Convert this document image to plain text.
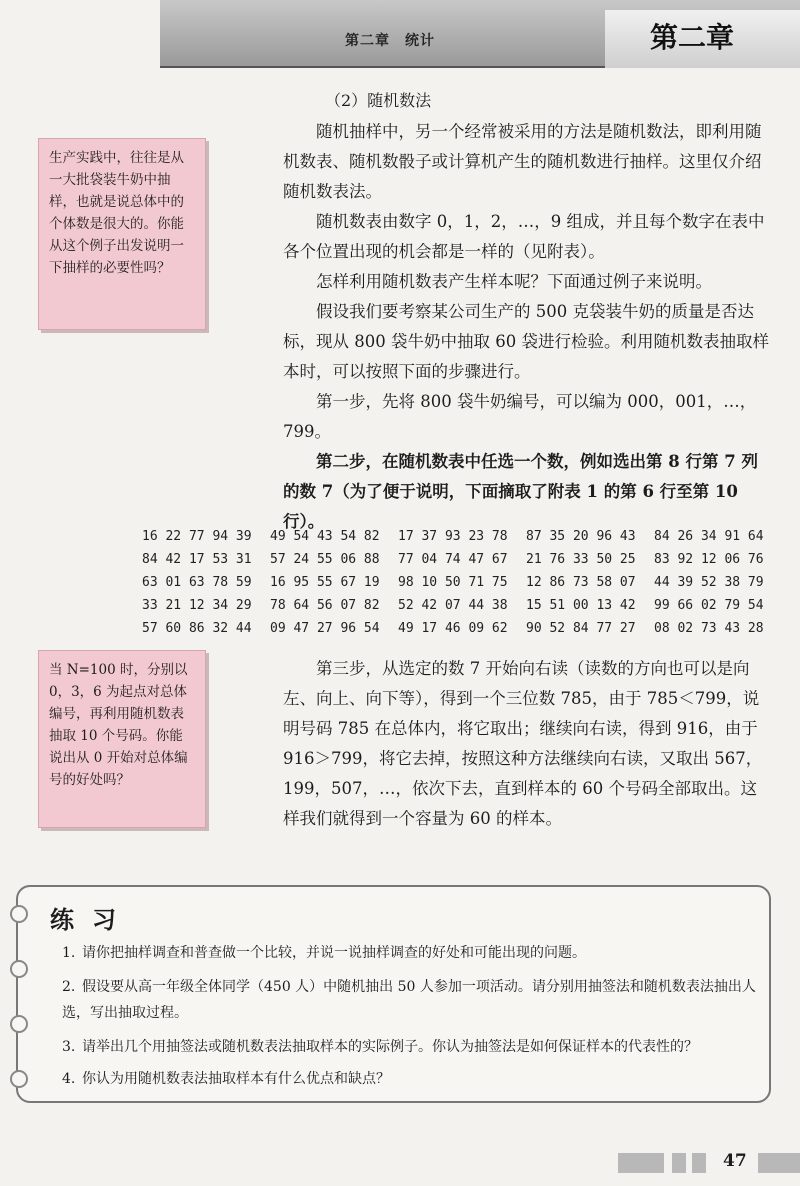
第二章　统计	第二章
（2）随机数法

随机抽样中，另一个经常被采用的方法是随机数法，即利用随机数表、随机数骰子或计算机产生的随机数进行抽样。这里仅介绍随机数表法。

随机数表由数字 0，1，2，…，9 组成，并且每个数字在表中各个位置出现的机会都是一样的（见附表）。

怎样利用随机数表产生样本呢？下面通过例子来说明。

假设我们要考察某公司生产的 500 克袋装牛奶的质量是否达标，现从 800 袋牛奶中抽取 60 袋进行检验。利用随机数表抽取样本时，可以按照下面的步骤进行。

第一步，先将 800 袋牛奶编号，可以编为 000，001，…，799。

第二步，在随机数表中任选一个数，例如选出第 8 行第 7 列的数 7（为了便于说明，下面摘取了附表 1 的第 6 行至第 10 行）。

生产实践中，往往是从一大批袋装牛奶中抽样，也就是说总体中的个体数是很大的。你能从这个例子出发说明一下抽样的必要性吗？

16 22 77 94 39	49 54 43 54 82	17 37 93 23 78	87 35 20 96 43	84 26 34 91 64
84 42 17 53 31	57 24 55 06 88	77 04 74 47 67	21 76 33 50 25	83 92 12 06 76
63 01 63 78 59	16 95 55 67 19	98 10 50 71 75	12 86 73 58 07	44 39 52 38 79
33 21 12 34 29	78 64 56 07 82	52 42 07 44 38	15 51 00 13 42	99 66 02 79 54
57 60 86 32 44	09 47 27 96 54	49 17 46 09 62	90 52 84 77 27	08 02 73 43 28

第三步，从选定的数 7 开始向右读（读数的方向也可以是向左、向上、向下等），得到一个三位数 785，由于 785＜799，说明号码 785 在总体内，将它取出；继续向右读，得到 916，由于 916＞799，将它去掉，按照这种方法继续向右读，又取出 567，199，507，…，依次下去，直到样本的 60 个号码全部取出。这样我们就得到一个容量为 60 的样本。

当 N=100 时，分别以 0，3，6 为起点对总体编号，再利用随机数表抽取 10 个号码。你能说出从 0 开始对总体编号的好处吗？

练习
1. 请你把抽样调查和普查做一个比较，并说一说抽样调查的好处和可能出现的问题。
2. 假设要从高一年级全体同学（450 人）中随机抽出 50 人参加一项活动。请分别用抽签法和随机数表法抽出人选，写出抽取过程。
3. 请举出几个用抽签法或随机数表法抽取样本的实际例子。你认为抽签法是如何保证样本的代表性的？
4. 你认为用随机数表法抽取样本有什么优点和缺点？
47
